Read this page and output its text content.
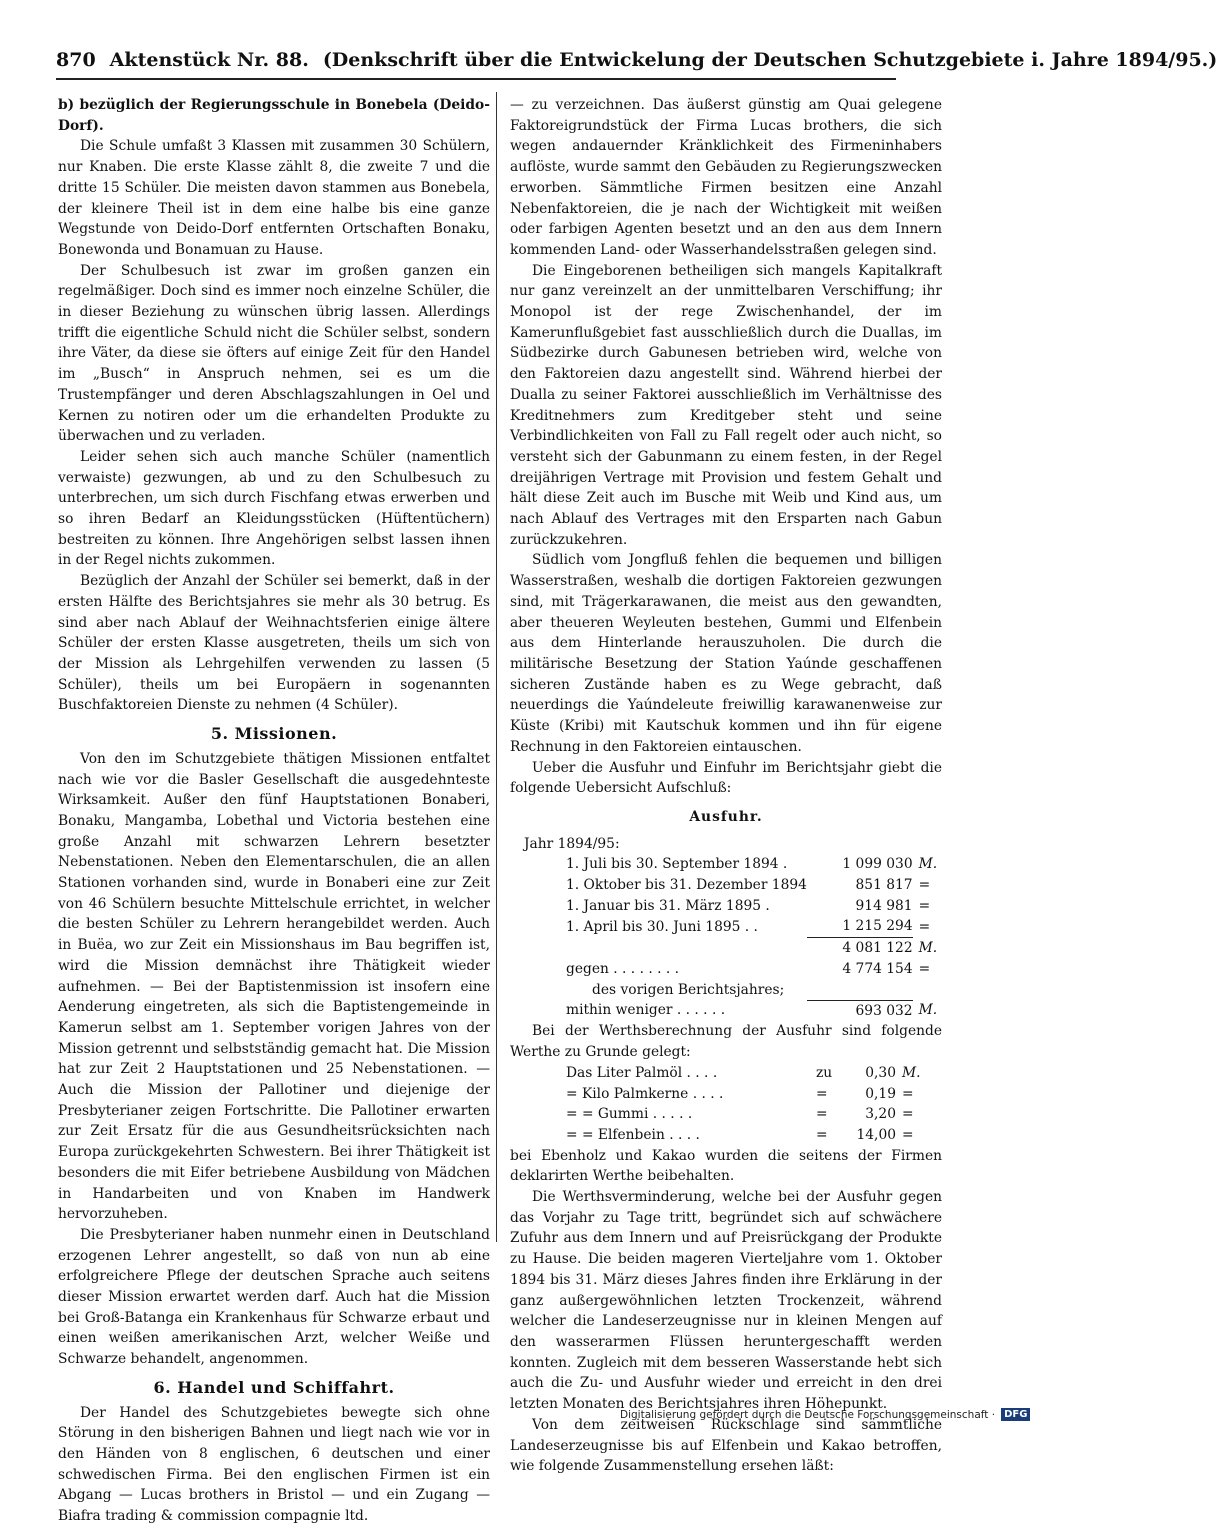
870 Aktenstück Nr. 88. (Denkschrift über die Entwickelung der Deutschen Schutzgebiete i. Jahre 1894/95.)

b) bezüglich der Regierungsschule in Bonebela (Deido-Dorf).

Die Schule umfaßt 3 Klassen mit zusammen 30 Schülern, nur Knaben. Die erste Klasse zählt 8, die zweite 7 und die dritte 15 Schüler. Die meisten davon stammen aus Bonebela, der kleinere Theil ist in dem eine halbe bis eine ganze Wegstunde von Deido-Dorf entfernten Ortschaften Bonaku, Bonewonda und Bonamuan zu Hause.

Der Schulbesuch ist zwar im großen ganzen ein regelmäßiger. Doch sind es immer noch einzelne Schüler, die in dieser Beziehung zu wünschen übrig lassen. Allerdings trifft die eigentliche Schuld nicht die Schüler selbst, sondern ihre Väter, da diese sie öfters auf einige Zeit für den Handel im „Busch“ in Anspruch nehmen, sei es um die Trustempfänger und deren Abschlagszahlungen in Oel und Kernen zu notiren oder um die erhandelten Produkte zu überwachen und zu verladen.

Leider sehen sich auch manche Schüler (namentlich verwaiste) gezwungen, ab und zu den Schulbesuch zu unterbrechen, um sich durch Fischfang etwas erwerben und so ihren Bedarf an Kleidungsstücken (Hüftentüchern) bestreiten zu können. Ihre Angehörigen selbst lassen ihnen in der Regel nichts zukommen.

Bezüglich der Anzahl der Schüler sei bemerkt, daß in der ersten Hälfte des Berichtsjahres sie mehr als 30 betrug. Es sind aber nach Ablauf der Weihnachtsferien einige ältere Schüler der ersten Klasse ausgetreten, theils um sich von der Mission als Lehrgehilfen verwenden zu lassen (5 Schüler), theils um bei Europäern in sogenannten Buschfaktoreien Dienste zu nehmen (4 Schüler).

5. Missionen.

Von den im Schutzgebiete thätigen Missionen entfaltet nach wie vor die Basler Gesellschaft die ausgedehnteste Wirksamkeit. Außer den fünf Hauptstationen Bonaberi, Bonaku, Mangamba, Lobethal und Victoria bestehen eine große Anzahl mit schwarzen Lehrern besetzter Nebenstationen. Neben den Elementarschulen, die an allen Stationen vorhanden sind, wurde in Bonaberi eine zur Zeit von 46 Schülern besuchte Mittelschule errichtet, in welcher die besten Schüler zu Lehrern herangebildet werden. Auch in Buëa, wo zur Zeit ein Missionshaus im Bau begriffen ist, wird die Mission demnächst ihre Thätigkeit wieder aufnehmen. — Bei der Baptistenmission ist insofern eine Aenderung eingetreten, als sich die Baptistengemeinde in Kamerun selbst am 1. September vorigen Jahres von der Mission getrennt und selbstständig gemacht hat. Die Mission hat zur Zeit 2 Hauptstationen und 25 Nebenstationen. — Auch die Mission der Pallotiner und diejenige der Presbyterianer zeigen Fortschritte. Die Pallotiner erwarten zur Zeit Ersatz für die aus Gesundheitsrücksichten nach Europa zurückgekehrten Schwestern. Bei ihrer Thätigkeit ist besonders die mit Eifer betriebene Ausbildung von Mädchen in Handarbeiten und von Knaben im Handwerk hervorzuheben.

Die Presbyterianer haben nunmehr einen in Deutschland erzogenen Lehrer angestellt, so daß von nun ab eine erfolgreichere Pflege der deutschen Sprache auch seitens dieser Mission erwartet werden darf. Auch hat die Mission bei Groß-Batanga ein Krankenhaus für Schwarze erbaut und einen weißen amerikanischen Arzt, welcher Weiße und Schwarze behandelt, angenommen.

6. Handel und Schiffahrt.

Der Handel des Schutzgebietes bewegte sich ohne Störung in den bisherigen Bahnen und liegt nach wie vor in den Händen von 8 englischen, 6 deutschen und einer schwedischen Firma. Bei den englischen Firmen ist ein Abgang — Lucas brothers in Bristol — und ein Zugang — Biafra trading & commission compagnie ltd.

— zu verzeichnen. Das äußerst günstig am Quai gelegene Faktoreigrundstück der Firma Lucas brothers, die sich wegen andauernder Kränklichkeit des Firmeninhabers auflöste, wurde sammt den Gebäuden zu Regierungszwecken erworben. Sämmtliche Firmen besitzen eine Anzahl Nebenfaktoreien, die je nach der Wichtigkeit mit weißen oder farbigen Agenten besetzt und an den aus dem Innern kommenden Land- oder Wasserhandelsstraßen gelegen sind.

Die Eingeborenen betheiligen sich mangels Kapitalkraft nur ganz vereinzelt an der unmittelbaren Verschiffung; ihr Monopol ist der rege Zwischenhandel, der im Kamerunflußgebiet fast ausschließlich durch die Duallas, im Südbezirke durch Gabunesen betrieben wird, welche von den Faktoreien dazu angestellt sind. Während hierbei der Dualla zu seiner Faktorei ausschließlich im Verhältnisse des Kreditnehmers zum Kreditgeber steht und seine Verbindlichkeiten von Fall zu Fall regelt oder auch nicht, so versteht sich der Gabunmann zu einem festen, in der Regel dreijährigen Vertrage mit Provision und festem Gehalt und hält diese Zeit auch im Busche mit Weib und Kind aus, um nach Ablauf des Vertrages mit den Ersparten nach Gabun zurückzukehren.

Südlich vom Jongfluß fehlen die bequemen und billigen Wasserstraßen, weshalb die dortigen Faktoreien gezwungen sind, mit Trägerkarawanen, die meist aus den gewandten, aber theueren Weyleuten bestehen, Gummi und Elfenbein aus dem Hinterlande herauszuholen. Die durch die militärische Besetzung der Station Yaúnde geschaffenen sicheren Zustände haben es zu Wege gebracht, daß neuerdings die Yaúndeleute freiwillig karawanenweise zur Küste (Kribi) mit Kautschuk kommen und ihn für eigene Rechnung in den Faktoreien eintauschen.

Ueber die Ausfuhr und Einfuhr im Berichtsjahr giebt die folgende Uebersicht Aufschluß:

Ausfuhr.

Jahr 1894/95:

1. Juli bis 30. September 1894 .	1 099 030	M.
1. Oktober bis 31. Dezember 1894	851 817	=
1. Januar bis 31. März 1895 .	914 981	=
1. April bis 30. Juni 1895 . .	1 215 294	=
	4 081 122	M.
gegen . . . . . . . .	4 774 154	=
des vorigen Berichtsjahres;		
mithin weniger . . . . . .	693 032	M.

Bei der Werthsberechnung der Ausfuhr sind folgende Werthe zu Grunde gelegt:

Das Liter Palmöl . . . .	zu	0,30	M.
= Kilo Palmkerne . . . .	=	0,19	=
= = Gummi . . . . .	=	3,20	=
= = Elfenbein . . . .	=	14,00	=

bei Ebenholz und Kakao wurden die seitens der Firmen deklarirten Werthe beibehalten.

Die Werthsverminderung, welche bei der Ausfuhr gegen das Vorjahr zu Tage tritt, begründet sich auf schwächere Zufuhr aus dem Innern und auf Preisrückgang der Produkte zu Hause. Die beiden mageren Vierteljahre vom 1. Oktober 1894 bis 31. März dieses Jahres finden ihre Erklärung in der ganz außergewöhnlichen letzten Trockenzeit, während welcher die Landeserzeugnisse nur in kleinen Mengen auf den wasserarmen Flüssen heruntergeschafft werden konnten. Zugleich mit dem besseren Wasserstande hebt sich auch die Zu- und Ausfuhr wieder und erreicht in den drei letzten Monaten des Berichtsjahres ihren Höhepunkt.

Von dem zeitweisen Rückschlage sind sämmtliche Landeserzeugnisse bis auf Elfenbein und Kakao betroffen, wie folgende Zusammenstellung ersehen läßt:

Digitalisierung gefördert durch die Deutsche Forschungsgemeinschaft · DFG
